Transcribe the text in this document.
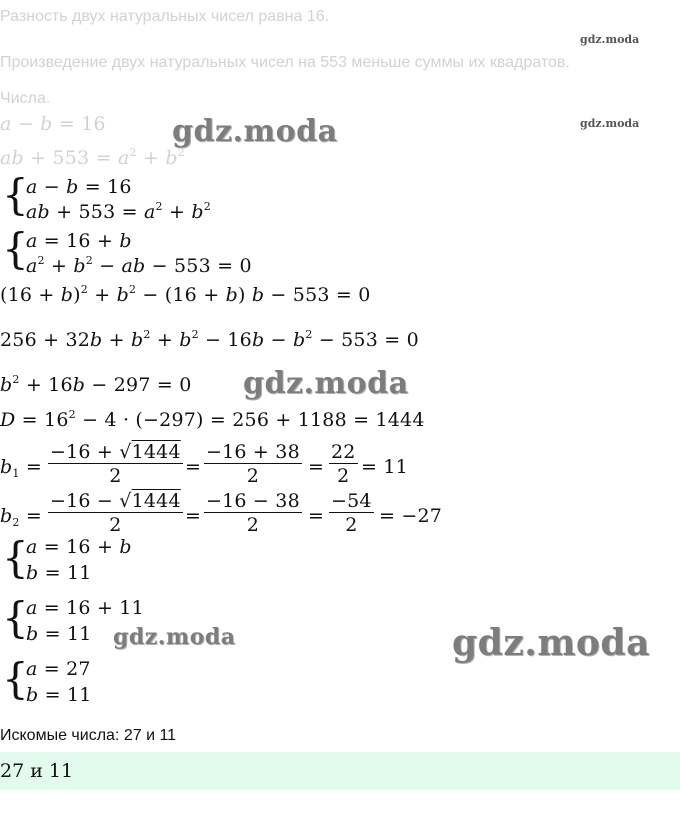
Разность двух натуральных чисел равна 16.
Произведение двух натуральных чисел на 553 меньше суммы их квадратов.
Числа.
a − b = 16
ab + $553 = a^2 + b^2$
gdz.moda
gdz.moda
gdz.moda
gdz.moda
gdz.moda	gdz.moda
{
a − b = 16
ab + $553 = a^2 + b^2$
{
a = 16 + b
$a^2 + b^2$ − ab − 553 = 0
$(16 + b)^2 + b^2 - (16 + b)$ b − 553 = 0
$256 + 32b + b^2 + b^2 - 16b - b^2 - 553 = 0$
$b^2 + 16b - 297 = 0$
$D = 16^2 - 4 \cdot (-297) = 256 + 1188 = 1444$
$b_1 = \frac{-16 + √1444}{2} = \frac{-16 + 38}{2} = \frac{22}{2} = 11$
$b_2 = \frac{-16 - √1444}{2} = \frac{-16 - 38}{2} = \frac{-54}{2} = -27$
{
a = 16 + b
b = 11
{
a = 16 + 11
b = 11
{
a = 27
b = 11
Искомые числа: 27 и 11
27 и 11
